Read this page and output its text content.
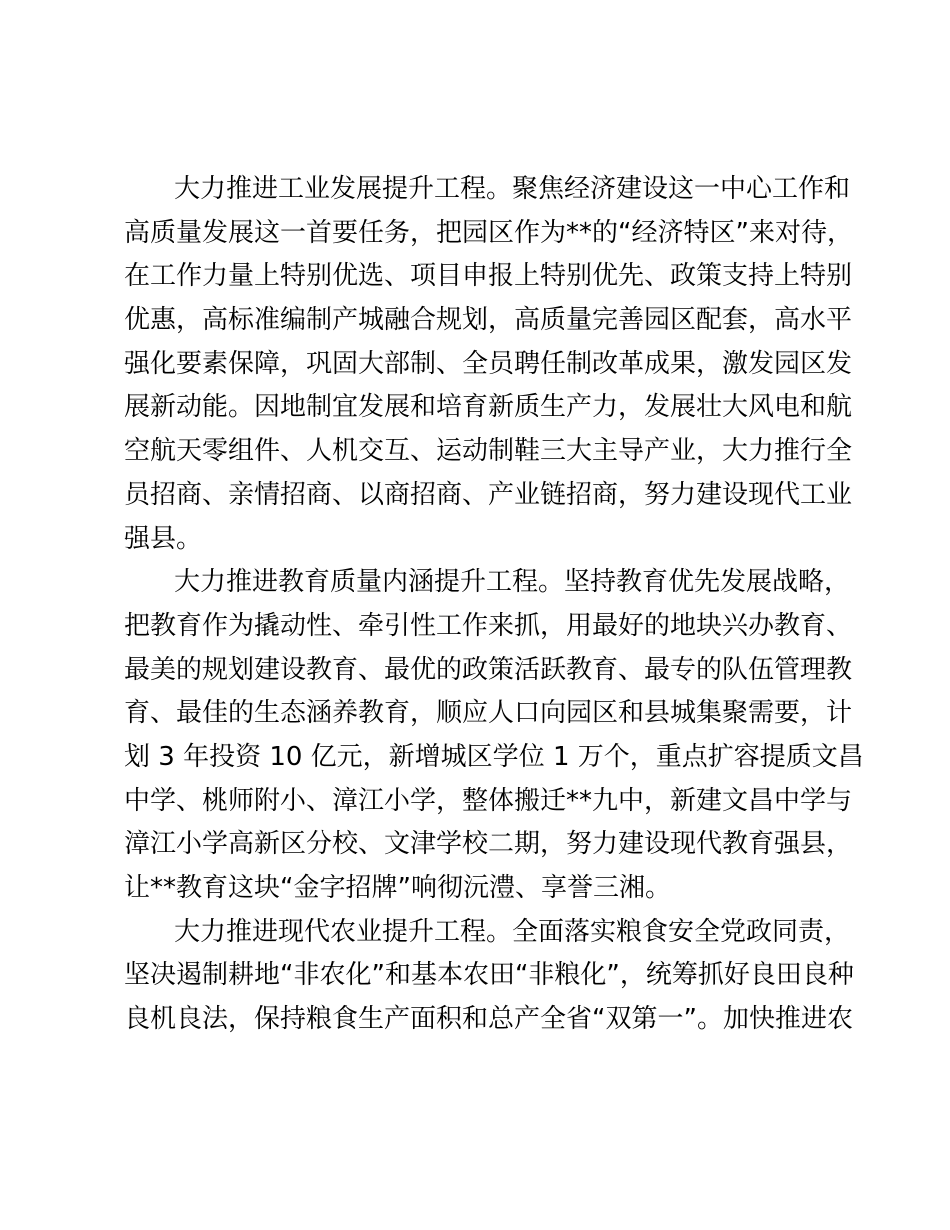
大力推进工业发展提升工程。聚焦经济建设这一中心工作和
高质量发展这一首要任务，把园区作为**的“经济特区”来对待，
在工作力量上特别优选、项目申报上特别优先、政策支持上特别
优惠，高标准编制产城融合规划，高质量完善园区配套，高水平
强化要素保障，巩固大部制、全员聘任制改革成果，激发园区发
展新动能。因地制宜发展和培育新质生产力，发展壮大风电和航
空航天零组件、人机交互、运动制鞋三大主导产业，大力推行全
员招商、亲情招商、以商招商、产业链招商，努力建设现代工业
强县。
大力推进教育质量内涵提升工程。坚持教育优先发展战略，
把教育作为撬动性、牵引性工作来抓，用最好的地块兴办教育、
最美的规划建设教育、最优的政策活跃教育、最专的队伍管理教
育、最佳的生态涵养教育，顺应人口向园区和县城集聚需要，计
划 3 年投资 10 亿元，新增城区学位 1 万个，重点扩容提质文昌
中学、桃师附小、漳江小学，整体搬迁**九中，新建文昌中学与
漳江小学高新区分校、文津学校二期，努力建设现代教育强县，
让**教育这块“金字招牌”响彻沅澧、享誉三湘。
大力推进现代农业提升工程。全面落实粮食安全党政同责，
坚决遏制耕地“非农化”和基本农田“非粮化”，统筹抓好良田良种
良机良法，保持粮食生产面积和总产全省“双第一”。加快推进农
